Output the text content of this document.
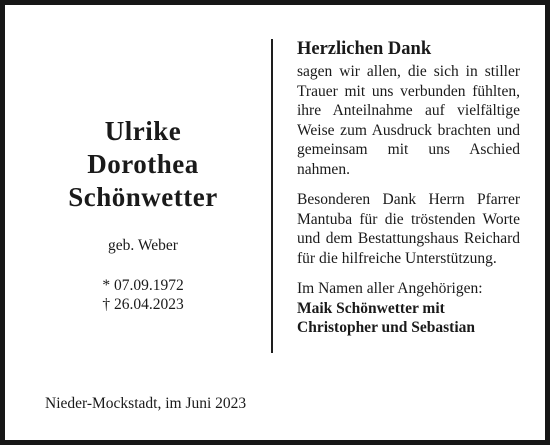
Ulrike
Dorothea
Schönwetter
geb. Weber
* 07.09.1972
† 26.04.2023
Herzlichen Dank
sagen wir allen, die sich in stiller Trauer mit uns verbunden fühlten, ihre Anteilnahme auf vielfältige Weise zum Ausdruck brachten und gemeinsam mit uns Aschied nahmen.
Besonderen Dank Herrn Pfarrer Mantuba für die tröstenden Worte und dem Bestattungshaus Reichard für die hilfreiche Unterstützung.
Im Namen aller Angehörigen:
Maik Schönwetter mit
Christopher und Sebastian
Nieder-Mockstadt, im Juni 2023
